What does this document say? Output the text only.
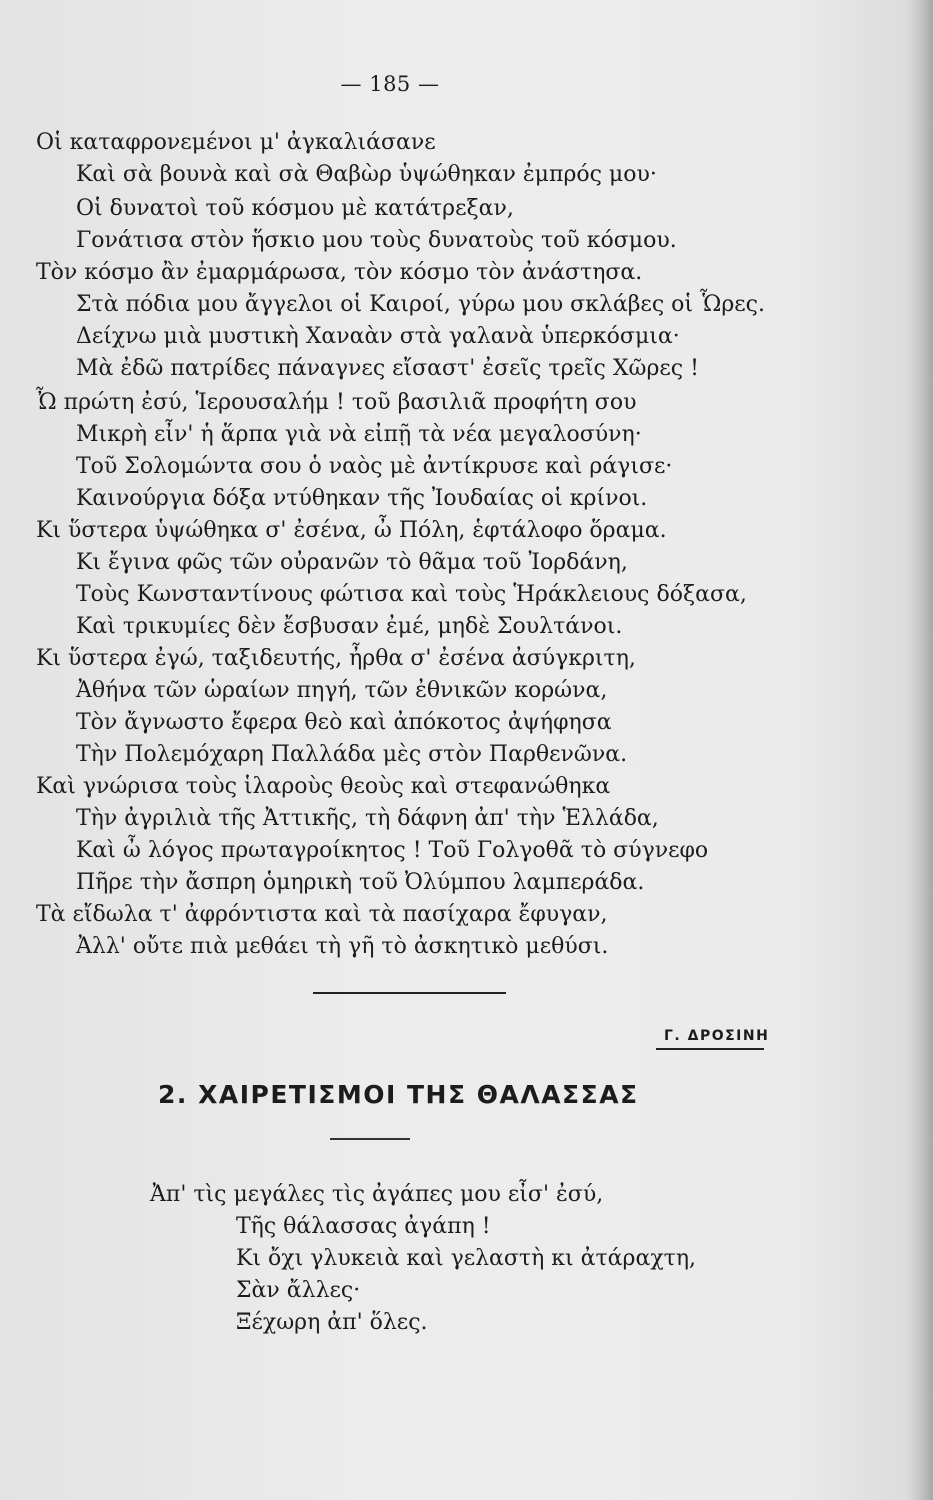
— 185 —
Οἱ καταφρονεμένοι μ' ἀγκαλιάσανε
Καὶ σὰ βουνὰ καὶ σὰ Θαβὼρ ὑψώθηκαν ἐμπρός μου·
Οἱ δυνατοὶ τοῦ κόσμου μὲ κατάτρεξαν,
Γονάτισα στὸν ἥσκιο μου τοὺς δυνατοὺς τοῦ κόσμου.
Τὸν κόσμο ἂν ἐμαρμάρωσα, τὸν κόσμο τὸν ἀνάστησα.
Στὰ πόδια μου ἄγγελοι οἱ Καιροί, γύρω μου σκλάβες οἱ Ὧρες.
Δείχνω μιὰ μυστικὴ Χαναὰν στὰ γαλανὰ ὑπερκόσμια·
Μὰ ἐδῶ πατρίδες πάναγνες εἴσαστ' ἐσεῖς τρεῖς Χῶρες !
Ὦ πρώτη ἐσύ, Ἱερουσαλήμ ! τοῦ βασιλιᾶ προφήτη σου
Μικρὴ εἶν' ἡ ἅρπα γιὰ νὰ εἰπῇ τὰ νέα μεγαλοσύνη·
Τοῦ Σολομώντα σου ὁ ναὸς μὲ ἀντίκρυσε καὶ ράγισε·
Καινούργια δόξα ντύθηκαν τῆς Ἰουδαίας οἱ κρίνοι.
Κι ὕστερα ὑψώθηκα σ' ἐσένα, ὦ Πόλη, ἑφτάλοφο ὅραμα.
Κι ἔγινα φῶς τῶν οὐρανῶν τὸ θᾶμα τοῦ Ἰορδάνη,
Τοὺς Κωνσταντίνους φώτισα καὶ τοὺς Ἡράκλειους δόξασα,
Καὶ τρικυμίες δὲν ἔσβυσαν ἐμέ, μηδὲ Σουλτάνοι.
Κι ὕστερα ἐγώ, ταξιδευτής, ἦρθα σ' ἐσένα ἀσύγκριτη,
Ἀθήνα τῶν ὡραίων πηγή, τῶν ἐθνικῶν κορώνα,
Τὸν ἄγνωστο ἔφερα θεὸ καὶ ἀπόκοτος ἀψήφησα
Τὴν Πολεμόχαρη Παλλάδα μὲς στὸν Παρθενῶνα.
Καὶ γνώρισα τοὺς ἱλαροὺς θεοὺς καὶ στεφανώθηκα
Τὴν ἀγριλιὰ τῆς Ἀττικῆς, τὴ δάφνη ἀπ' τὴν Ἑλλάδα,
Καὶ ὦ λόγος πρωταγροίκητος ! Τοῦ Γολγοθᾶ τὸ σύγνεφο
Πῆρε τὴν ἄσπρη ὁμηρικὴ τοῦ Ὀλύμπου λαμπεράδα.
Τὰ εἴδωλα τ' ἀφρόντιστα καὶ τὰ πασίχαρα ἔφυγαν,
Ἀλλ' οὔτε πιὰ μεθάει τὴ γῆ τὸ ἀσκητικὸ μεθύσι.
Γ. ΔΡΟΣΙΝΗ
2. ΧΑΙΡΕΤΙΣΜΟΙ ΤΗΣ ΘΑΛΑΣΣΑΣ
Ἀπ' τὶς μεγάλες τὶς ἀγάπες μου εἶσ' ἐσύ,
Τῆς θάλασσας ἀγάπη !
Κι ὄχι γλυκειὰ καὶ γελαστὴ κι ἀτάραχτη,
Σὰν ἄλλες·
Ξέχωρη ἀπ' ὅλες.
